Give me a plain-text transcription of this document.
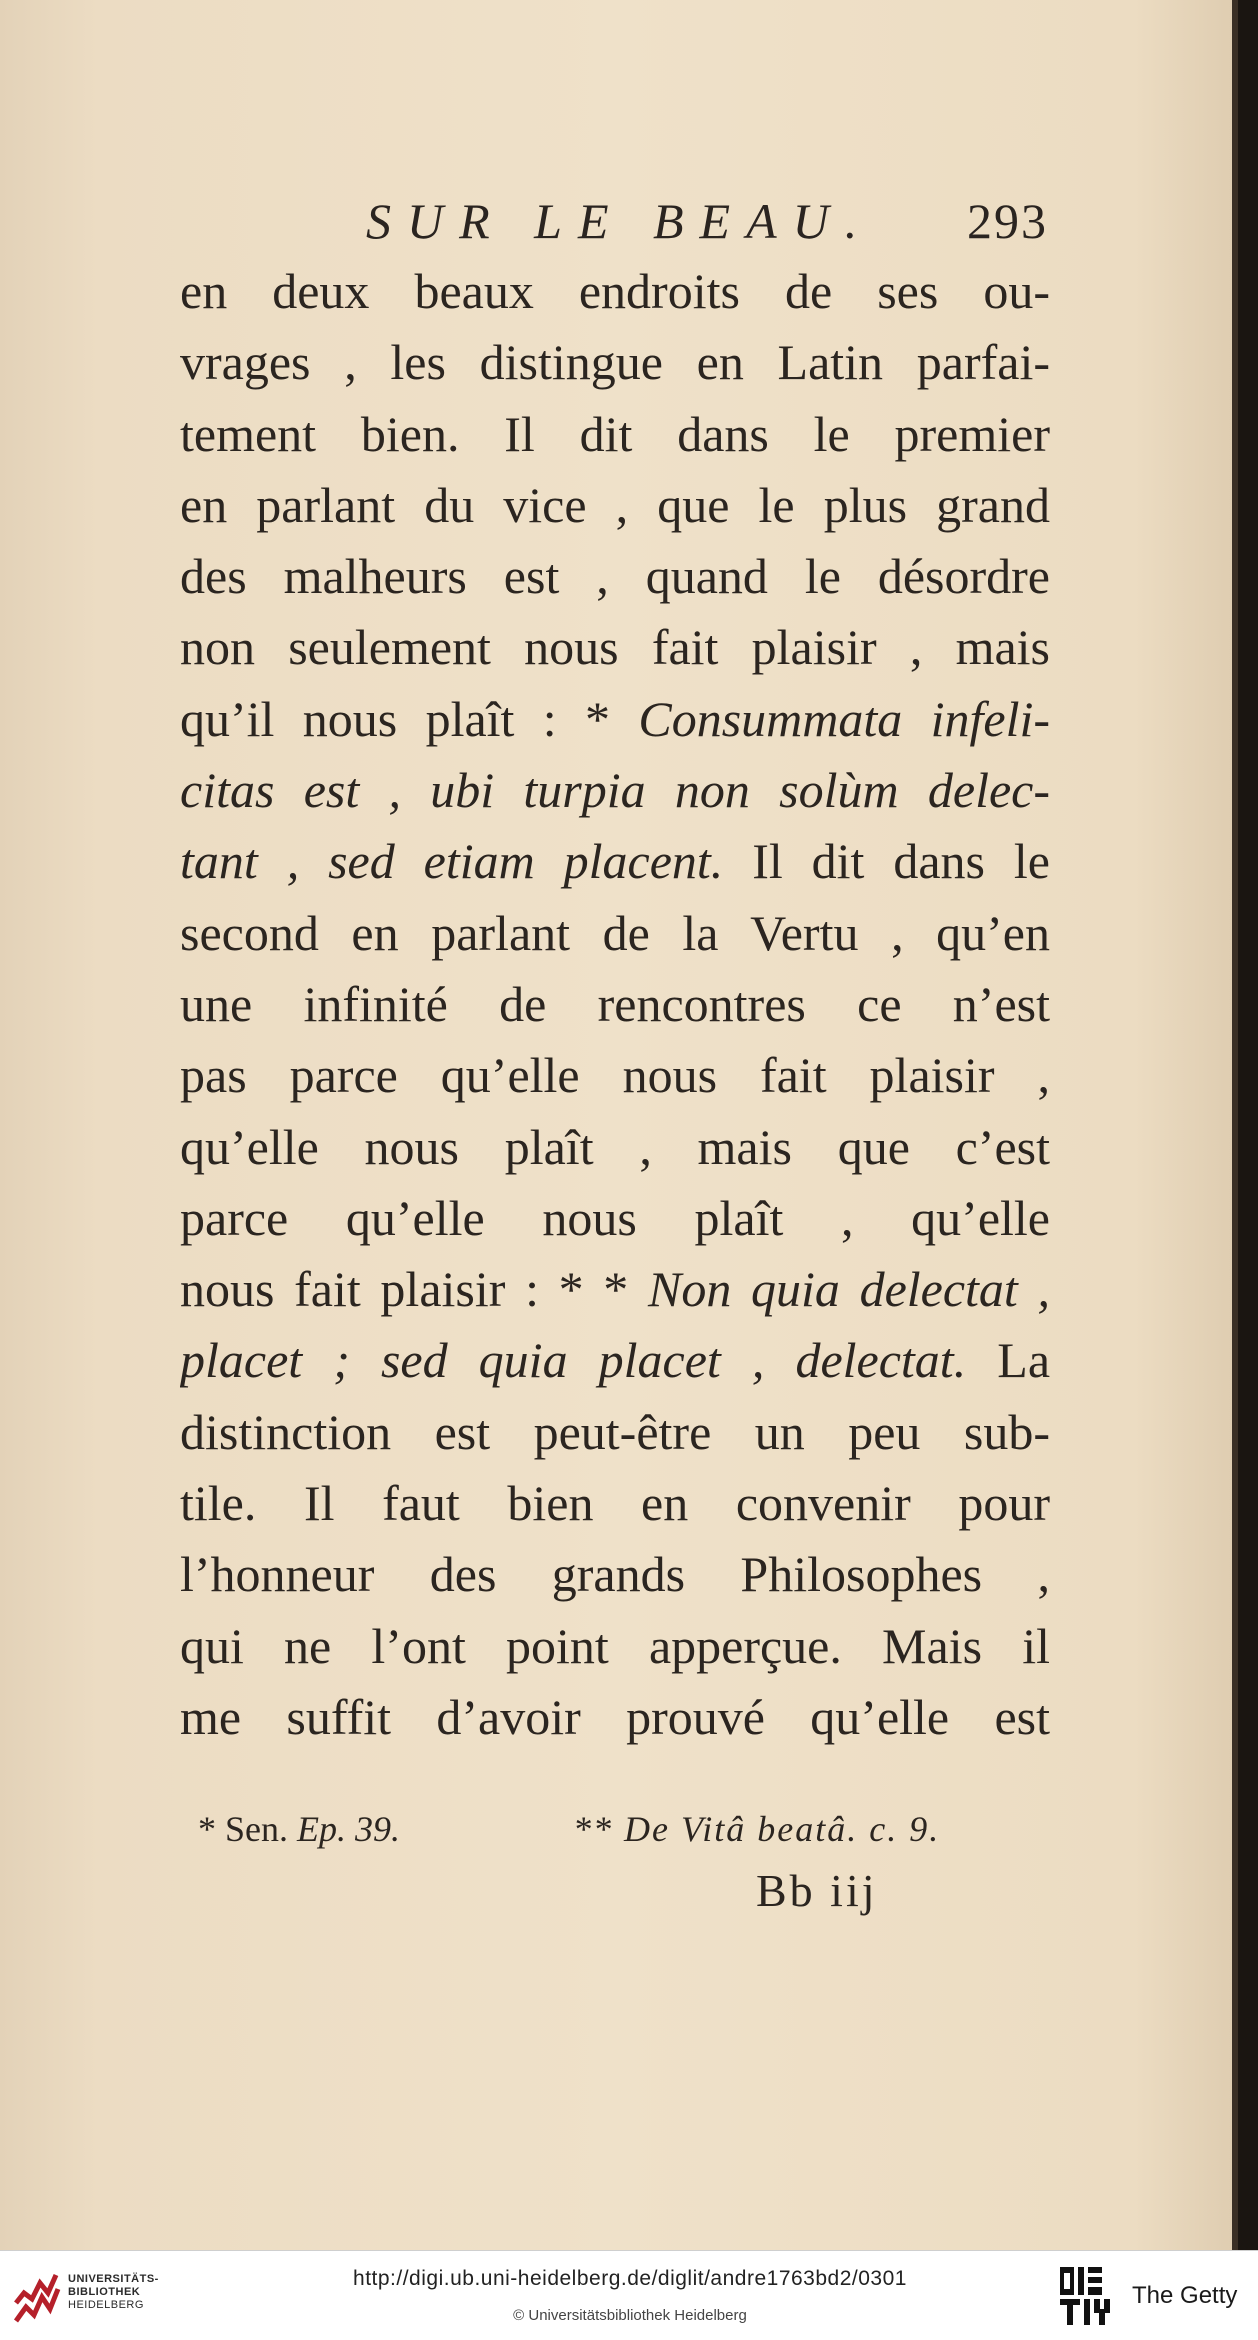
SUR LE BEAU. 293
en deux beaux endroits de ses ou-
vrages , les distingue en Latin parfai-
tement bien. Il dit dans le premier
en parlant du vice , que le plus grand
des malheurs est , quand le désordre
non seulement nous fait plaisir , mais
qu’il nous plaît : * Consummata infeli-
citas est , ubi turpia non solùm delec-
tant , sed etiam placent. Il dit dans le
second en parlant de la Vertu , qu’en
une infinité de rencontres ce n’est
pas parce qu’elle nous fait plaisir ,
qu’elle nous plaît , mais que c’est
parce qu’elle nous plaît , qu’elle
nous fait plaisir : * * Non quia delectat ,
placet ; sed quia placet , delectat. La
distinction est peut-être un peu sub-
tile. Il faut bien en convenir pour
l’honneur des grands Philosophes ,
qui ne l’ont point apperçue. Mais il
me suffit d’avoir prouvé qu’elle est
* Sen. Ep. 39.	** De Vitâ beatâ. c. 9.
Bb iij
UNIVERSITÄTS-
BIBLIOTHEK
HEIDELBERG
http://digi.ub.uni-heidelberg.de/diglit/andre1763bd2/0301
© Universitätsbibliothek Heidelberg
The Getty
